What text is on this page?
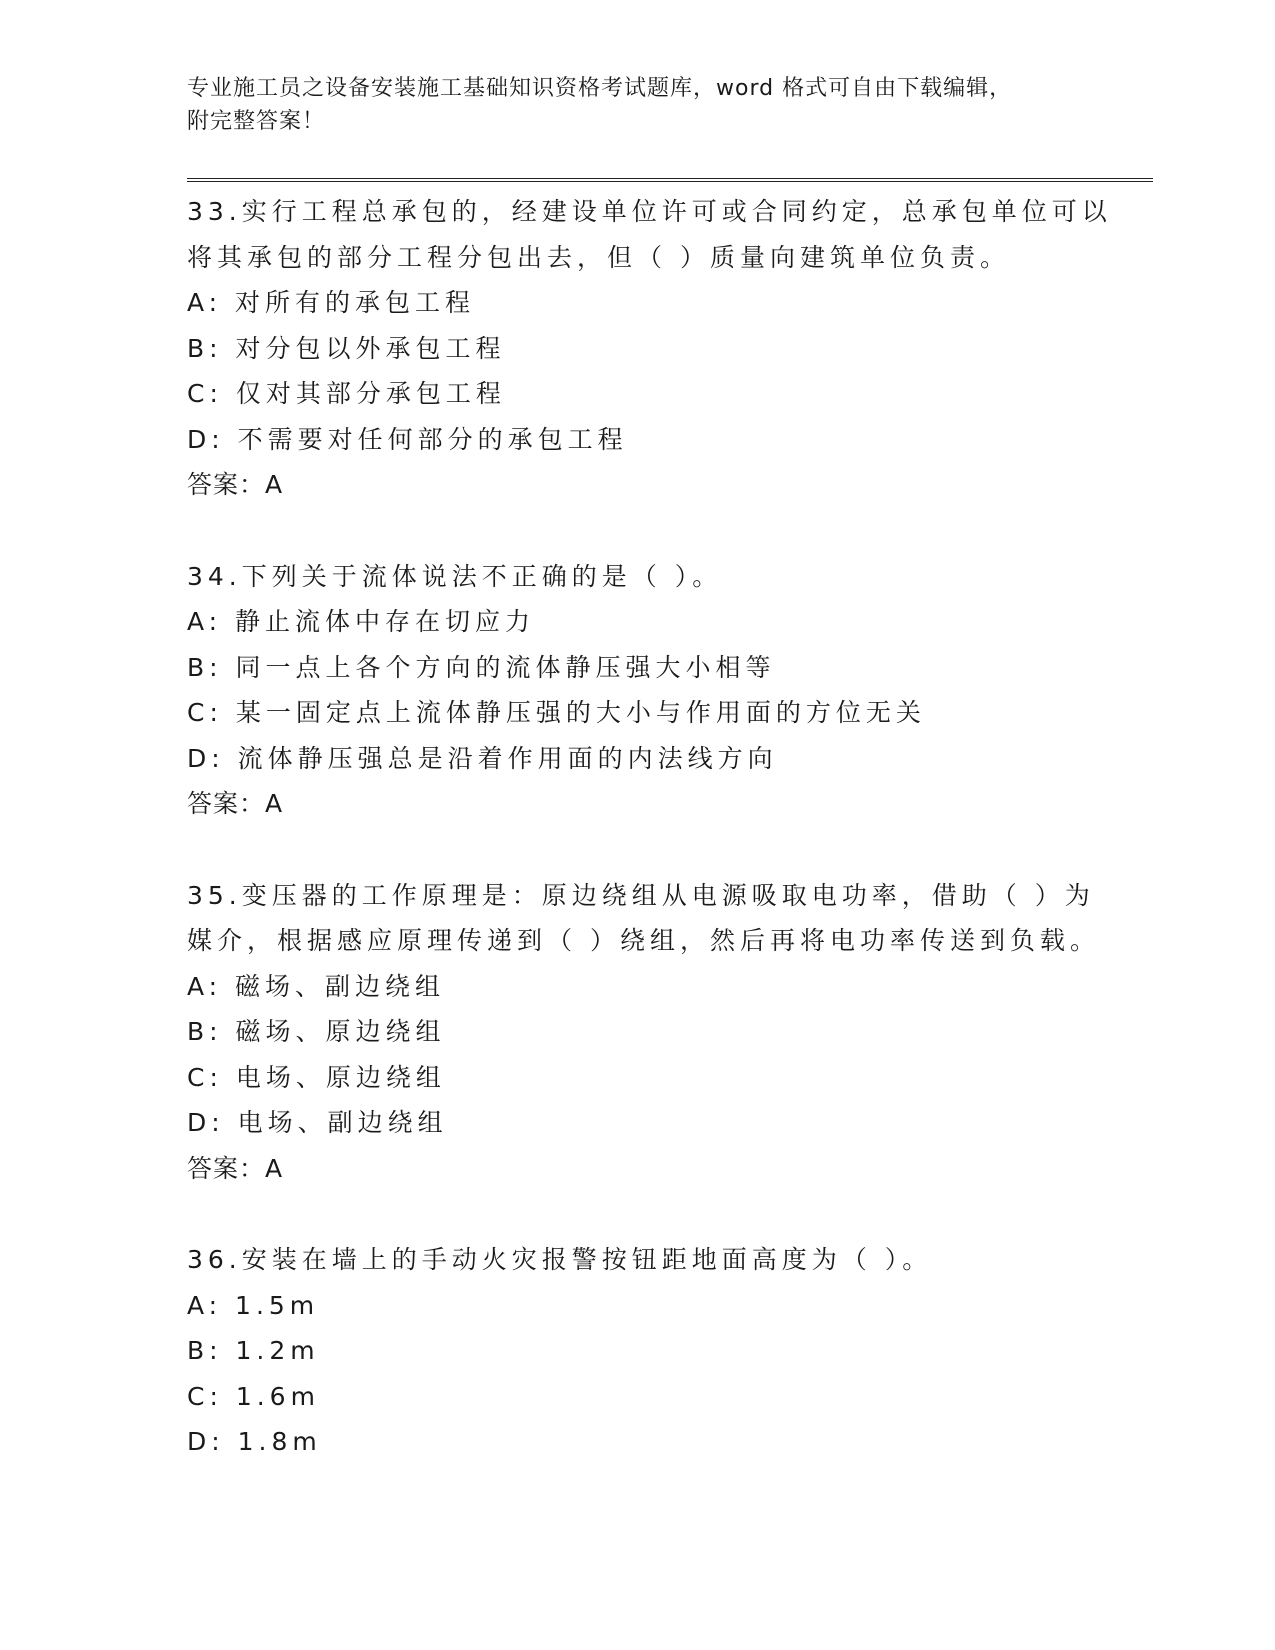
专业施工员之设备安装施工基础知识资格考试题库，word 格式可自由下载编辑，
附完整答案！
33.实行工程总承包的，经建设单位许可或合同约定，总承包单位可以
将其承包的部分工程分包出去，但（ ）质量向建筑单位负责。
A: 对所有的承包工程
B: 对分包以外承包工程
C: 仅对其部分承包工程
D: 不需要对任何部分的承包工程
答案：A
34.下列关于流体说法不正确的是（ ）。
A: 静止流体中存在切应力
B: 同一点上各个方向的流体静压强大小相等
C: 某一固定点上流体静压强的大小与作用面的方位无关
D: 流体静压强总是沿着作用面的内法线方向
答案：A
35.变压器的工作原理是：原边绕组从电源吸取电功率，借助（ ）为
媒介，根据感应原理传递到（ ）绕组，然后再将电功率传送到负载。
A: 磁场、副边绕组
B: 磁场、原边绕组
C: 电场、原边绕组
D: 电场、副边绕组
答案：A
36.安装在墙上的手动火灾报警按钮距地面高度为（ ）。
A: 1.5m
B: 1.2m
C: 1.6m
D: 1.8m
